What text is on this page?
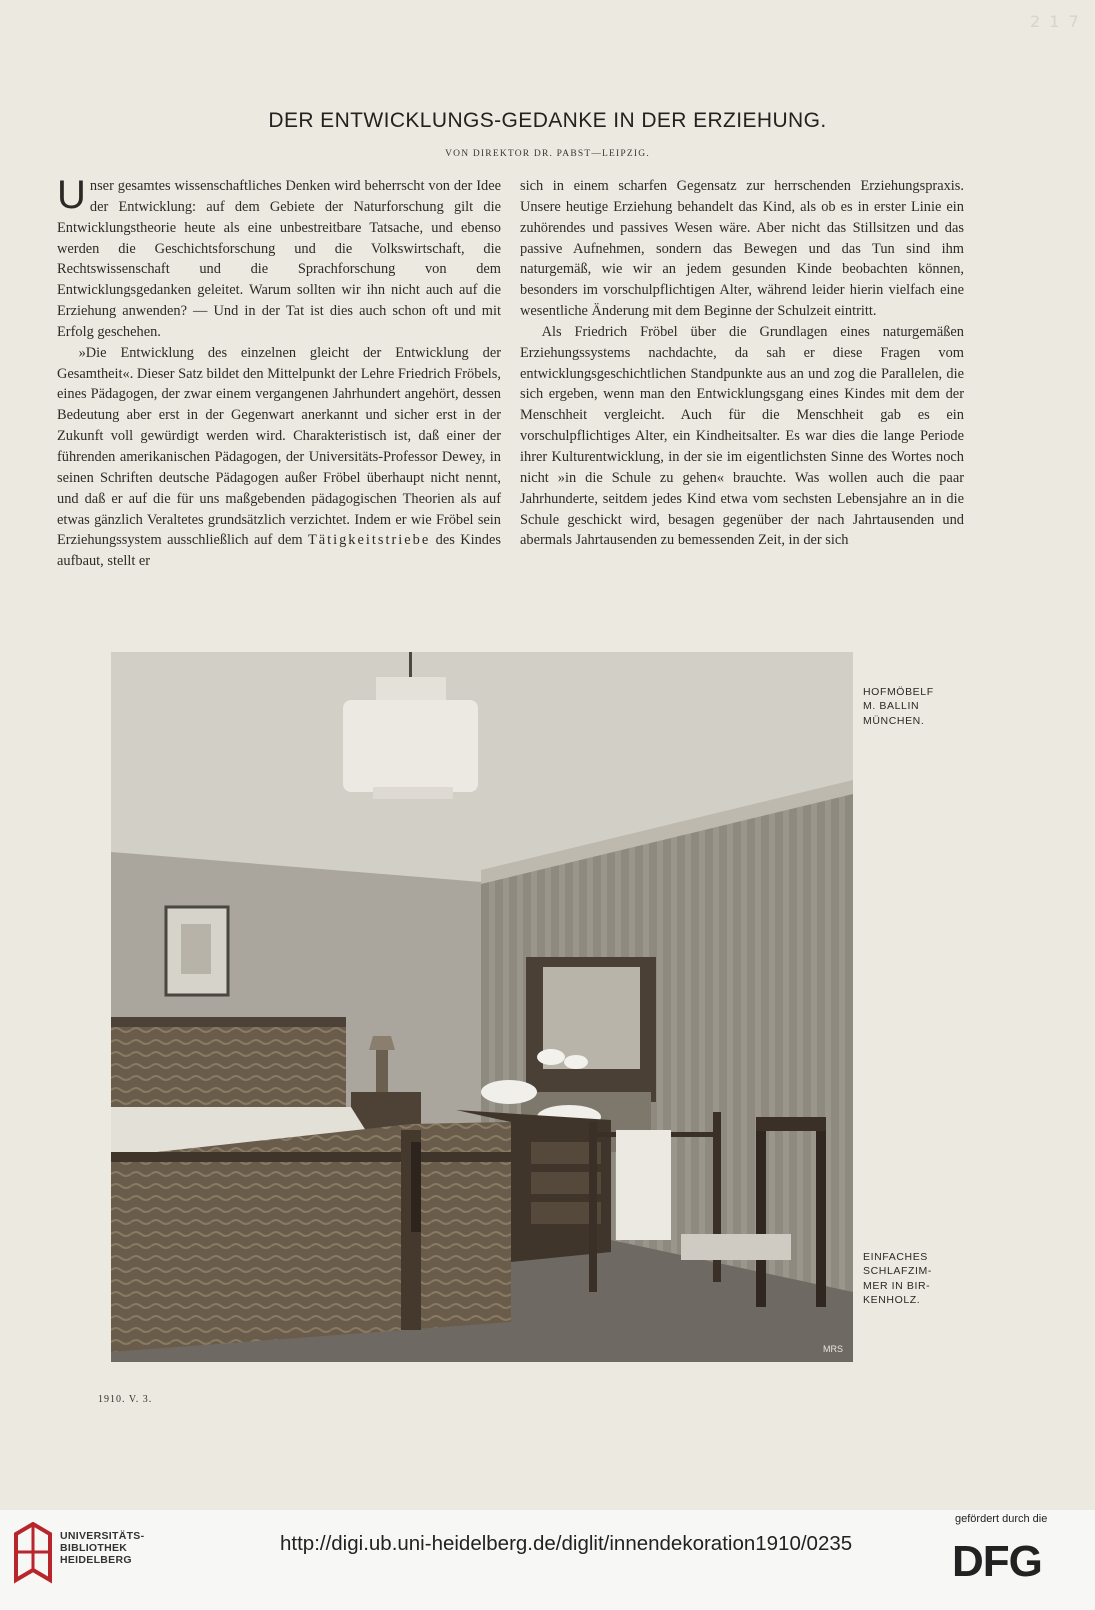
2 1 7
DER ENTWICKLUNGS-GEDANKE IN DER ERZIEHUNG.
VON DIREKTOR DR. PABST—LEIPZIG.

Unser gesamtes wissenschaftliches Denken wird beherrscht von der Idee der Entwicklung: auf dem Gebiete der Naturforschung gilt die Entwicklungstheorie heute als eine unbestreitbare Tatsache, und ebenso werden die Geschichtsforschung und die Volkswirtschaft, die Rechtswissenschaft und die Sprachforschung von dem Entwicklungsgedanken geleitet. Warum sollten wir ihn nicht auch auf die Erziehung anwenden? — Und in der Tat ist dies auch schon oft und mit Erfolg geschehen.

»Die Entwicklung des einzelnen gleicht der Entwicklung der Gesamtheit«. Dieser Satz bildet den Mittelpunkt der Lehre Friedrich Fröbels, eines Pädagogen, der zwar einem vergangenen Jahrhundert angehört, dessen Bedeutung aber erst in der Gegenwart anerkannt und sicher erst in der Zukunft voll gewürdigt werden wird. Charakteristisch ist, daß einer der führenden amerikanischen Pädagogen, der Universitäts-Professor Dewey, in seinen Schriften deutsche Pädagogen außer Fröbel überhaupt nicht nennt, und daß er auf die für uns maßgebenden pädagogischen Theorien als auf etwas gänzlich Veraltetes grundsätzlich verzichtet. Indem er wie Fröbel sein Erziehungssystem ausschließlich auf dem Tätigkeitstriebe des Kindes aufbaut, stellt er

sich in einem scharfen Gegensatz zur herrschenden Erziehungspraxis. Unsere heutige Erziehung behandelt das Kind, als ob es in erster Linie ein zuhörendes und passives Wesen wäre. Aber nicht das Stillsitzen und das passive Aufnehmen, sondern das Bewegen und das Tun sind ihm naturgemäß, wie wir an jedem gesunden Kinde beobachten können, besonders im vorschulpflichtigen Alter, während leider hierin vielfach eine wesentliche Änderung mit dem Beginne der Schulzeit eintritt.

Als Friedrich Fröbel über die Grundlagen eines naturgemäßen Erziehungssystems nachdachte, da sah er diese Fragen vom entwicklungsgeschichtlichen Standpunkte aus an und zog die Parallelen, die sich ergeben, wenn man den Entwicklungsgang eines Kindes mit dem der Menschheit vergleicht. Auch für die Menschheit gab es ein vorschulpflichtiges Alter, ein Kindheitsalter. Es war dies die lange Periode ihrer Kulturentwicklung, in der sie im eigentlichsten Sinne des Wortes noch nicht »in die Schule zu gehen« brauchte. Was wollen auch die paar Jahrhunderte, seitdem jedes Kind etwa vom sechsten Lebensjahre an in die Schule geschickt wird, besagen gegenüber der nach Jahrtausenden und abermals Jahrtausenden zu bemessenden Zeit, in der sich

MRS
HOFMÖBELF
M. BALLIN
MÜNCHEN.
EINFACHES
SCHLAFZIM-
MER IN BIR-
KENHOLZ.
1910. V. 3.
UNIVERSITÄTS-
BIBLIOTHEK
HEIDELBERG
http://digi.ub.uni-heidelberg.de/diglit/innendekoration1910/0235
gefördert durch die
DFG
